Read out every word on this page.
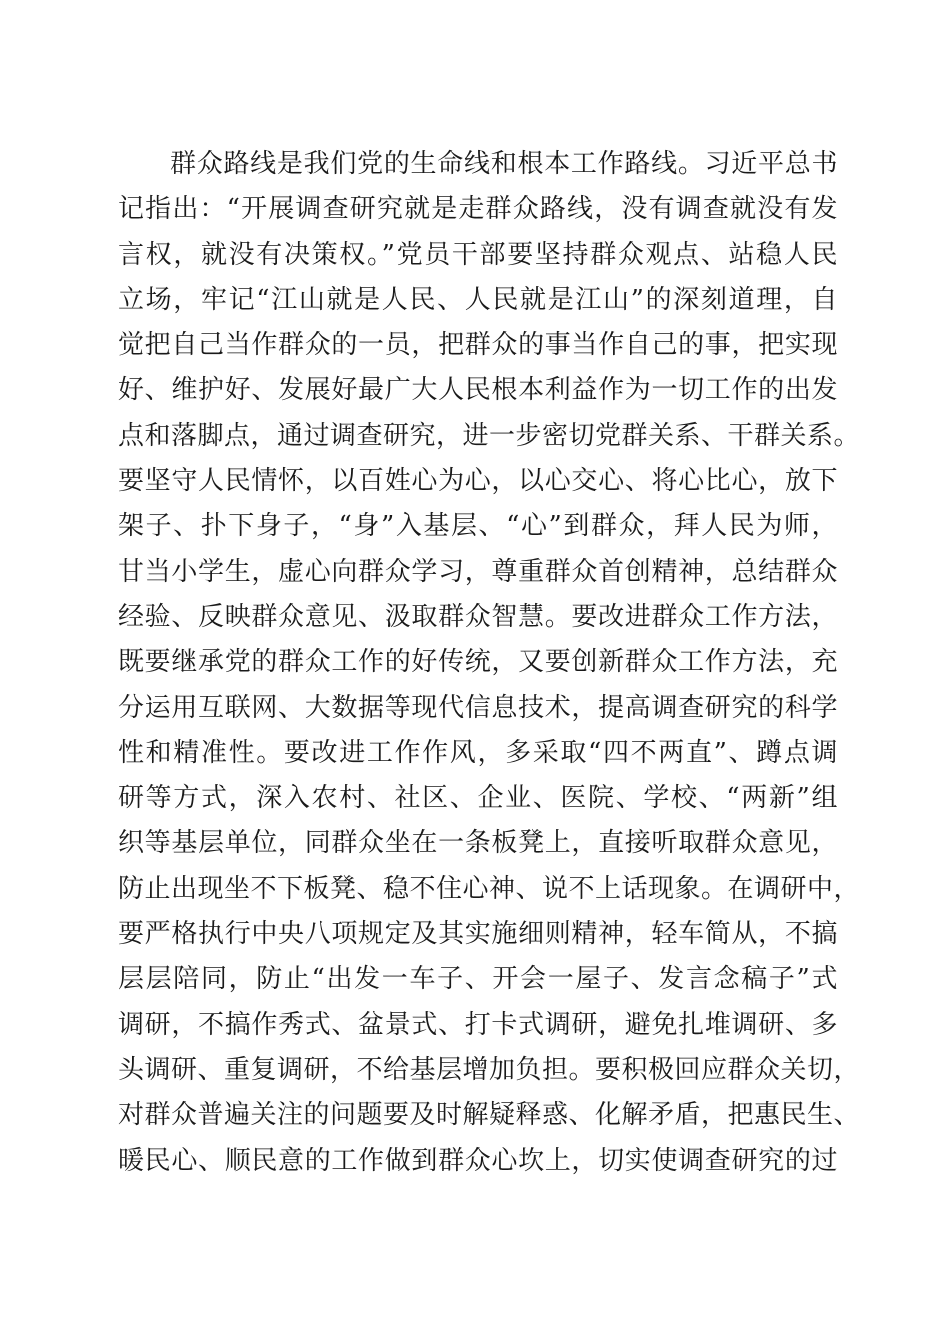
群众路线是我们党的生命线和根本工作路线。习近平总书
记指出：“开展调查研究就是走群众路线，没有调查就没有发
言权，就没有决策权。”党员干部要坚持群众观点、站稳人民
立场，牢记“江山就是人民、人民就是江山”的深刻道理，自
觉把自己当作群众的一员，把群众的事当作自己的事，把实现
好、维护好、发展好最广大人民根本利益作为一切工作的出发
点和落脚点，通过调查研究，进一步密切党群关系、干群关系。
要坚守人民情怀，以百姓心为心，以心交心、将心比心，放下
架子、扑下身子，“身”入基层、“心”到群众，拜人民为师，
甘当小学生，虚心向群众学习，尊重群众首创精神，总结群众
经验、反映群众意见、汲取群众智慧。要改进群众工作方法，
既要继承党的群众工作的好传统，又要创新群众工作方法，充
分运用互联网、大数据等现代信息技术，提高调查研究的科学
性和精准性。要改进工作作风，多采取“四不两直”、蹲点调
研等方式，深入农村、社区、企业、医院、学校、“两新”组
织等基层单位，同群众坐在一条板凳上，直接听取群众意见，
防止出现坐不下板凳、稳不住心神、说不上话现象。在调研中，
要严格执行中央八项规定及其实施细则精神，轻车简从，不搞
层层陪同，防止“出发一车子、开会一屋子、发言念稿子”式
调研，不搞作秀式、盆景式、打卡式调研，避免扎堆调研、多
头调研、重复调研，不给基层增加负担。要积极回应群众关切，
对群众普遍关注的问题要及时解疑释惑、化解矛盾，把惠民生、
暖民心、顺民意的工作做到群众心坎上，切实使调查研究的过
